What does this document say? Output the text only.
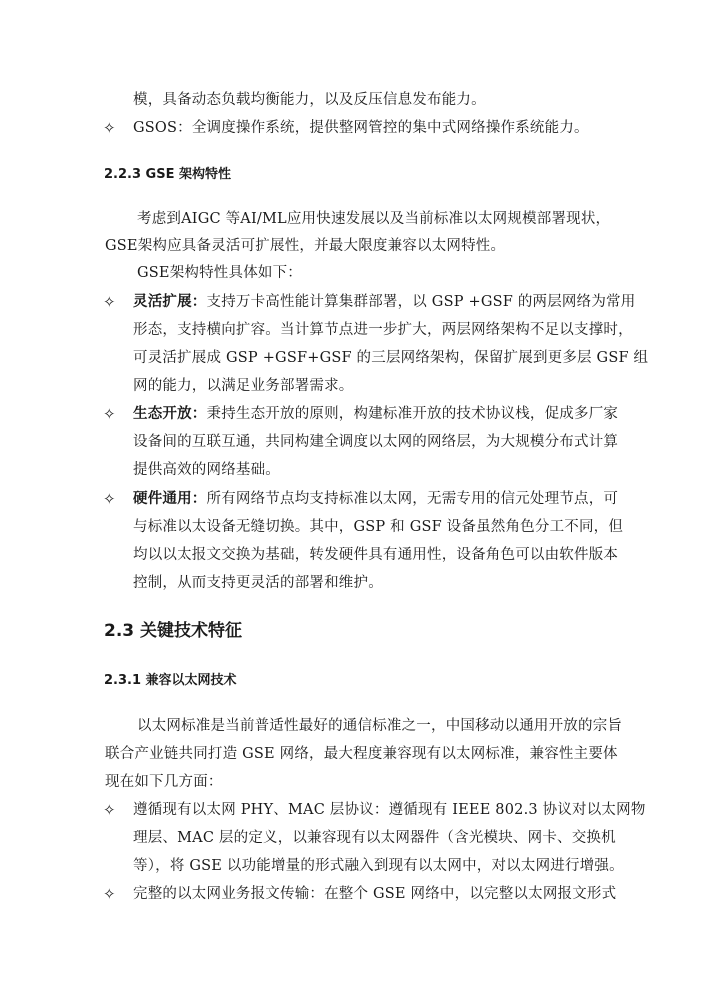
模，具备动态负载均衡能力，以及反压信息发布能力。
✧ GSOS：全调度操作系统，提供整网管控的集中式网络操作系统能力。
2.2.3 GSE 架构特性
考虑到AIGC 等AI/ML应用快速发展以及当前标准以太网规模部署现状，
GSE架构应具备灵活可扩展性，并最大限度兼容以太网特性。
GSE架构特性具体如下：
✧ 灵活扩展：支持万卡高性能计算集群部署，以 GSP +GSF 的两层网络为常用
形态，支持横向扩容。当计算节点进一步扩大，两层网络架构不足以支撑时，
可灵活扩展成 GSP +GSF+GSF 的三层网络架构，保留扩展到更多层 GSF 组
网的能力，以满足业务部署需求。
✧ 生态开放：秉持生态开放的原则，构建标准开放的技术协议栈，促成多厂家
设备间的互联互通，共同构建全调度以太网的网络层，为大规模分布式计算
提供高效的网络基础。
✧ 硬件通用：所有网络节点均支持标准以太网，无需专用的信元处理节点，可
与标准以太设备无缝切换。其中，GSP 和 GSF 设备虽然角色分工不同，但
均以以太报文交换为基础，转发硬件具有通用性，设备角色可以由软件版本
控制，从而支持更灵活的部署和维护。
2.3 关键技术特征
2.3.1 兼容以太网技术
以太网标准是当前普适性最好的通信标准之一，中国移动以通用开放的宗旨
联合产业链共同打造 GSE 网络，最大程度兼容现有以太网标准，兼容性主要体
现在如下几方面：
✧ 遵循现有以太网 PHY、MAC 层协议：遵循现有 IEEE 802.3 协议对以太网物
理层、MAC 层的定义，以兼容现有以太网器件（含光模块、网卡、交换机
等），将 GSE 以功能增量的形式融入到现有以太网中，对以太网进行增强。
✧ 完整的以太网业务报文传输：在整个 GSE 网络中，以完整以太网报文形式
